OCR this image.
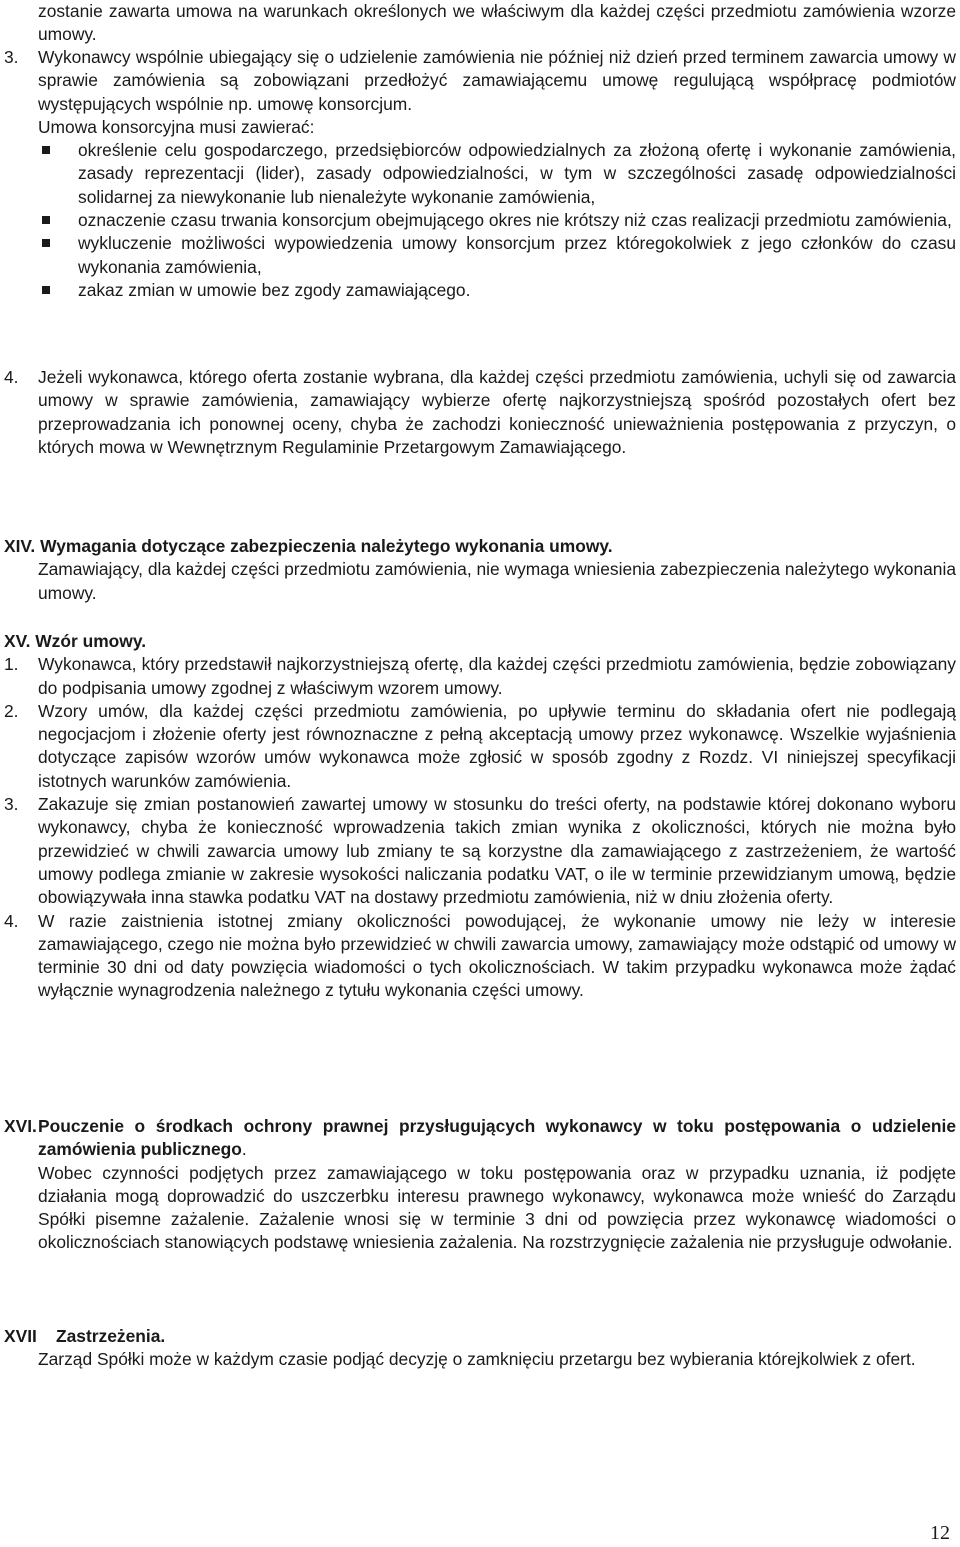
zostanie zawarta umowa na warunkach określonych we właściwym dla każdej części przedmiotu zamówienia wzorze umowy.

3.	Wykonawcy wspólnie ubiegający się o udzielenie zamówienia nie później niż dzień przed terminem zawarcia umowy w sprawie zamówienia są zobowiązani przedłożyć zamawiającemu umowę regulującą współpracę podmiotów występujących wspólnie np. umowę konsorcjum.

Umowa konsorcyjna musi zawierać:

określenie celu gospodarczego, przedsiębiorców odpowiedzialnych za złożoną ofertę i wykonanie zamówienia, zasady reprezentacji (lider), zasady odpowiedzialności, w tym w szczególności zasadę odpowiedzialności solidarnej za niewykonanie lub nienależyte wykonanie zamówienia,

oznaczenie czasu trwania konsorcjum obejmującego okres nie krótszy niż czas realizacji przedmiotu zamówienia,

wykluczenie możliwości wypowiedzenia umowy konsorcjum przez któregokolwiek z jego członków do czasu wykonania zamówienia,

zakaz zmian w umowie bez zgody zamawiającego.

4.	Jeżeli wykonawca, którego oferta zostanie wybrana, dla każdej części przedmiotu zamówienia, uchyli się od zawarcia umowy w sprawie zamówienia, zamawiający wybierze ofertę najkorzystniejszą spośród pozostałych ofert bez przeprowadzania ich ponownej oceny, chyba że zachodzi konieczność unieważnienia postępowania z przyczyn, o których mowa w Wewnętrznym Regulaminie Przetargowym Zamawiającego.

XIV. Wymagania dotyczące zabezpieczenia należytego wykonania umowy.

Zamawiający, dla każdej części przedmiotu zamówienia, nie wymaga wniesienia zabezpieczenia należytego wykonania umowy.

XV. Wzór umowy.

1.	Wykonawca, który przedstawił najkorzystniejszą ofertę, dla każdej części przedmiotu zamówienia, będzie zobowiązany do podpisania umowy zgodnej z właściwym wzorem umowy.

2.	Wzory umów, dla każdej części przedmiotu zamówienia, po upływie terminu do składania ofert nie podlegają negocjacjom i złożenie oferty jest równoznaczne z pełną akceptacją umowy przez wykonawcę. Wszelkie wyjaśnienia dotyczące zapisów wzorów umów wykonawca może zgłosić w sposób zgodny z Rozdz. VI niniejszej specyfikacji istotnych warunków zamówienia.

3.	Zakazuje się zmian postanowień zawartej umowy w stosunku do treści oferty, na podstawie której dokonano wyboru wykonawcy, chyba że konieczność wprowadzenia takich zmian wynika z okoliczności, których nie można było przewidzieć w chwili zawarcia umowy lub zmiany te są korzystne dla zamawiającego z zastrzeżeniem, że wartość umowy podlega zmianie w zakresie wysokości naliczania podatku VAT, o ile w terminie przewidzianym umową, będzie obowiązywała inna stawka podatku VAT na dostawy przedmiotu zamówienia, niż w dniu złożenia oferty.

4.	W razie zaistnienia istotnej zmiany okoliczności powodującej, że wykonanie umowy nie leży w interesie zamawiającego, czego nie można było przewidzieć w chwili zawarcia umowy, zamawiający może odstąpić od umowy w terminie 30 dni od daty powzięcia wiadomości o tych okolicznościach. W takim przypadku wykonawca może żądać wyłącznie wynagrodzenia należnego z tytułu wykonania części umowy.

XVI. Pouczenie o środkach ochrony prawnej przysługujących wykonawcy w toku postępowania o udzielenie zamówienia publicznego.

Wobec czynności podjętych przez zamawiającego w toku postępowania oraz w przypadku uznania, iż podjęte działania mogą doprowadzić do uszczerbku interesu prawnego wykonawcy, wykonawca może wnieść do Zarządu Spółki pisemne zażalenie. Zażalenie wnosi się w terminie 3 dni od powzięcia przez wykonawcę wiadomości o okolicznościach stanowiących podstawę wniesienia zażalenia. Na rozstrzygnięcie zażalenia nie przysługuje odwołanie.

XVII	Zastrzeżenia.

Zarząd Spółki może w każdym czasie podjąć decyzję o zamknięciu przetargu bez wybierania którejkolwiek z ofert.

12
